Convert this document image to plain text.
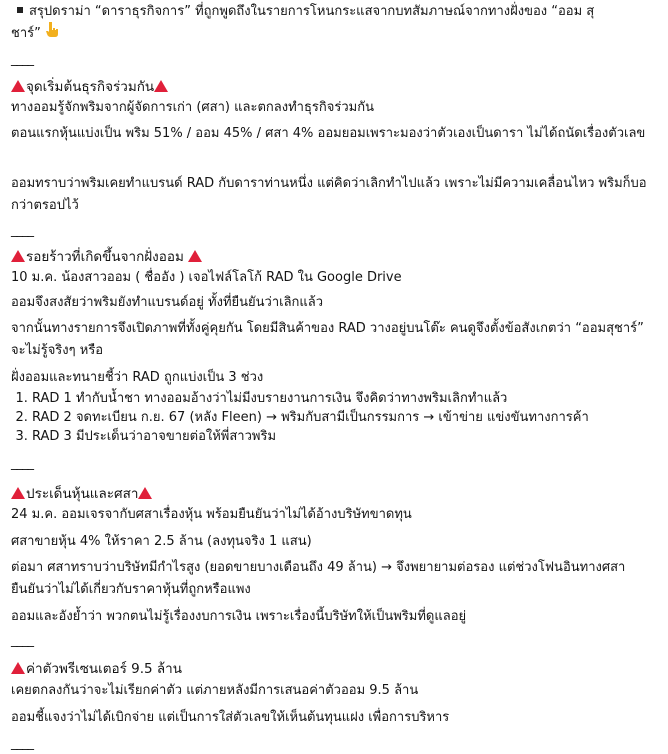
สรุปดราม่า “ดาราธุรกิจการ” ที่ถูกพูดถึงในรายการโหนกระแสจากบทสัมภาษณ์จากทางฝั่งของ “ออม สุ
ชาร์”
____
จุดเริ่มต้นธุรกิจร่วมกัน
ทางออมรู้จักพริมจากผู้จัดการเก่า (ศสา) และตกลงทำธุรกิจร่วมกัน
ตอนแรกหุ้นแบ่งเป็น พริม 51% / ออม 45% / ศสา 4% ออมยอมเพราะมองว่าตัวเองเป็นดารา ไม่ได้ถนัดเรื่องตัวเลข
ออมทราบว่าพริมเคยทำแบรนด์ RAD กับดาราท่านหนึ่ง แต่คิดว่าเลิกทำไปแล้ว เพราะไม่มีความเคลื่อนไหว พริมก็บอกว่าตรอปไว้
____
รอยร้าวที่เกิดขึ้นจากฝั่งออม
10 ม.ค. น้องสาวออม ( ชื่ออัง ) เจอไฟล์โลโก้ RAD ใน Google Drive
ออมจึงสงสัยว่าพริมยังทำแบรนด์อยู่ ทั้งที่ยืนยันว่าเลิกแล้ว
จากนั้นทางรายการจึงเปิดภาพที่ทั้งคู่คุยกัน โดยมีสินค้าของ RAD วางอยู่บนโต๊ะ คนดูจึงตั้งข้อสังเกตว่า “ออมสุชาร์” จะไม่รู้จริงๆ หรือ
ฝั่งออมและทนายชี้ว่า RAD ถูกแบ่งเป็น 3 ช่วง
1. RAD 1 ทำกับน้ำชา ทางออมอ้างว่าไม่มีงบรายงานการเงิน จึงคิดว่าทางพริมเลิกทำแล้ว
2. RAD 2 จดทะเบียน ก.ย. 67 (หลัง Fleen) → พริมกับสามีเป็นกรรมการ → เข้าข่าย แข่งขันทางการค้า
3. RAD 3 มีประเด็นว่าอาจขายต่อให้พี่สาวพริม
____
ประเด็นหุ้นและศสา
24 ม.ค. ออมเจรจากับศสาเรื่องหุ้น พร้อมยืนยันว่าไม่ได้อ้างบริษัทขาดทุน
ศสาขายหุ้น 4% ให้ราคา 2.5 ล้าน (ลงทุนจริง 1 แสน)
ต่อมา ศสาทราบว่าบริษัทมีกำไรสูง (ยอดขายบางเดือนถึง 49 ล้าน) → จึงพยายามต่อรอง แต่ช่วงโฟนอินทางศสายืนยันว่าไม่ได้เกี่ยวกับราคาหุ้นที่ถูกหรือแพง
ออมและอังย้ำว่า พวกตนไม่รู้เรื่องงบการเงิน เพราะเรื่องนี้บริษัทให้เป็นพริมที่ดูแลอยู่
____
ค่าตัวพรีเซนเตอร์ 9.5 ล้าน
เคยตกลงกันว่าจะไม่เรียกค่าตัว แต่ภายหลังมีการเสนอค่าตัวออม 9.5 ล้าน
ออมชี้แจงว่าไม่ได้เบิกจ่าย แต่เป็นการใส่ตัวเลขให้เห็นต้นทุนแฝง เพื่อการบริหาร
____
